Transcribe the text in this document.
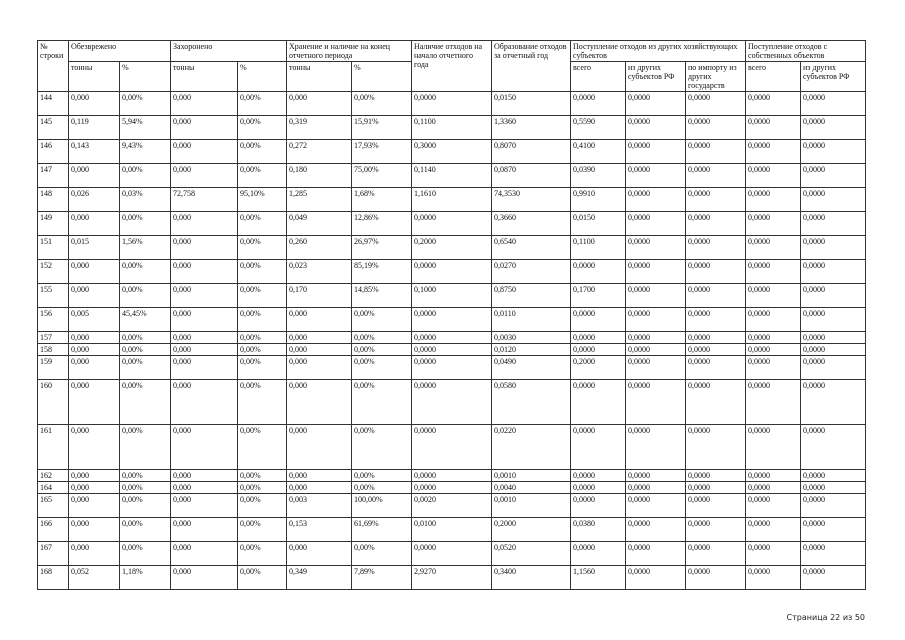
№ строки	Обезврежено		Захоронено		Хранение и наличие на конец отчетного периода		Наличие отходов на начало отчетного года	Образование отходов за отчетный год	Поступление отходов из других хозяйствующих субъектов			Поступление отходов с собственных объектов	
	тонны	%	тонны	%	тонны	%			всего	из других субъектов РФ	по импорту из других государств	всего	из других субъектов РФ
144	0,000	0,00%	0,000	0,00%	0,000	0,00%	0,0000	0,0150	0,0000	0,0000	0,0000	0,0000	0,0000
145	0,119	5,94%	0,000	0,00%	0,319	15,91%	0,1100	1,3360	0,5590	0,0000	0,0000	0,0000	0,0000
146	0,143	9,43%	0,000	0,00%	0,272	17,93%	0,3000	0,8070	0,4100	0,0000	0,0000	0,0000	0,0000
147	0,000	0,00%	0,000	0,00%	0,180	75,00%	0,1140	0,0870	0,0390	0,0000	0,0000	0,0000	0,0000
148	0,026	0,03%	72,758	95,10%	1,285	1,68%	1,1610	74,3530	0,9910	0,0000	0,0000	0,0000	0,0000
149	0,000	0,00%	0,000	0,00%	0,049	12,86%	0,0000	0,3660	0,0150	0,0000	0,0000	0,0000	0,0000
151	0,015	1,56%	0,000	0,00%	0,260	26,97%	0,2000	0,6540	0,1100	0,0000	0,0000	0,0000	0,0000
152	0,000	0,00%	0,000	0,00%	0,023	85,19%	0,0000	0,0270	0,0000	0,0000	0,0000	0,0000	0,0000
155	0,000	0,00%	0,000	0,00%	0,170	14,85%	0,1000	0,8750	0,1700	0,0000	0,0000	0,0000	0,0000
156	0,005	45,45%	0,000	0,00%	0,000	0,00%	0,0000	0,0110	0,0000	0,0000	0,0000	0,0000	0,0000
157	0,000	0,00%	0,000	0,00%	0,000	0,00%	0,0000	0,0030	0,0000	0,0000	0,0000	0,0000	0,0000
158	0,000	0,00%	0,000	0,00%	0,000	0,00%	0,0000	0,0120	0,0000	0,0000	0,0000	0,0000	0,0000
159	0,000	0,00%	0,000	0,00%	0,000	0,00%	0,0000	0,0490	0,2000	0,0000	0,0000	0,0000	0,0000
160	0,000	0,00%	0,000	0,00%	0,000	0,00%	0,0000	0,0580	0,0000	0,0000	0,0000	0,0000	0,0000
161	0,000	0,00%	0,000	0,00%	0,000	0,00%	0,0000	0,0220	0,0000	0,0000	0,0000	0,0000	0,0000
162	0,000	0,00%	0,000	0,00%	0,000	0,00%	0,0000	0,0010	0,0000	0,0000	0,0000	0,0000	0,0000
164	0,000	0,00%	0,000	0,00%	0,000	0,00%	0,0000	0,0040	0,0000	0,0000	0,0000	0,0000	0,0000
165	0,000	0,00%	0,000	0,00%	0,003	100,00%	0,0020	0,0010	0,0000	0,0000	0,0000	0,0000	0,0000
166	0,000	0,00%	0,000	0,00%	0,153	61,69%	0,0100	0,2000	0,0380	0,0000	0,0000	0,0000	0,0000
167	0,000	0,00%	0,000	0,00%	0,000	0,00%	0,0000	0,0520	0,0000	0,0000	0,0000	0,0000	0,0000
168	0,052	1,18%	0,000	0,00%	0,349	7,89%	2,9270	0,3400	1,1560	0,0000	0,0000	0,0000	0,0000
Страница 22 из 50
